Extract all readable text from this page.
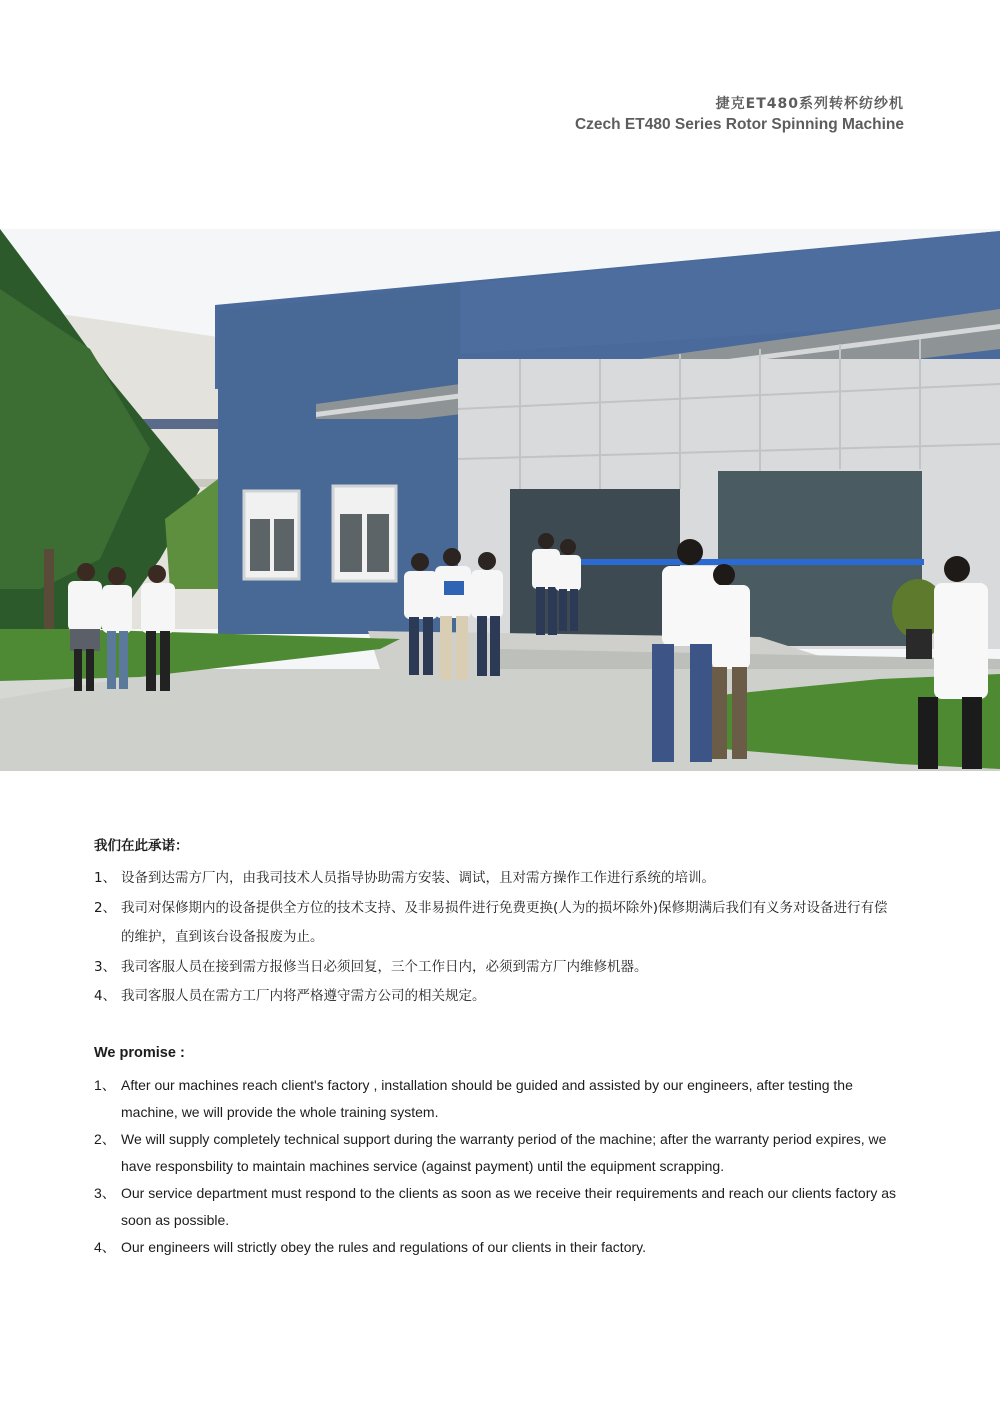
捷克ET480系列转杯纺纱机
Czech ET480 Series Rotor Spinning Machine
我们在此承诺：
1、 设备到达需方厂内，由我司技术人员指导协助需方安装、调试，且对需方操作工作进行系统的培训。
2、 我司对保修期内的设备提供全方位的技术支持、及非易损件进行免费更换(人为的损坏除外)保修期满后我们有义务对设备进行有偿的维护，直到该台设备报废为止。
3、 我司客服人员在接到需方报修当日必须回复，三个工作日内，必须到需方厂内维修机器。
4、 我司客服人员在需方工厂内将严格遵守需方公司的相关规定。
We promise :
1、 After our machines reach client's factory , installation should be guided and assisted by our engineers, after testing the machine, we will provide the whole training system.
2、 We will supply completely technical support during the warranty period of the machine; after the warranty period expires, we have responsbility to maintain machines service (against payment) until the equipment scrapping.
3、 Our service department must respond to the clients as soon as we receive their requirements and reach our clients factory as soon as possible.
4、 Our engineers will strictly obey the rules and regulations of our clients in their factory.
